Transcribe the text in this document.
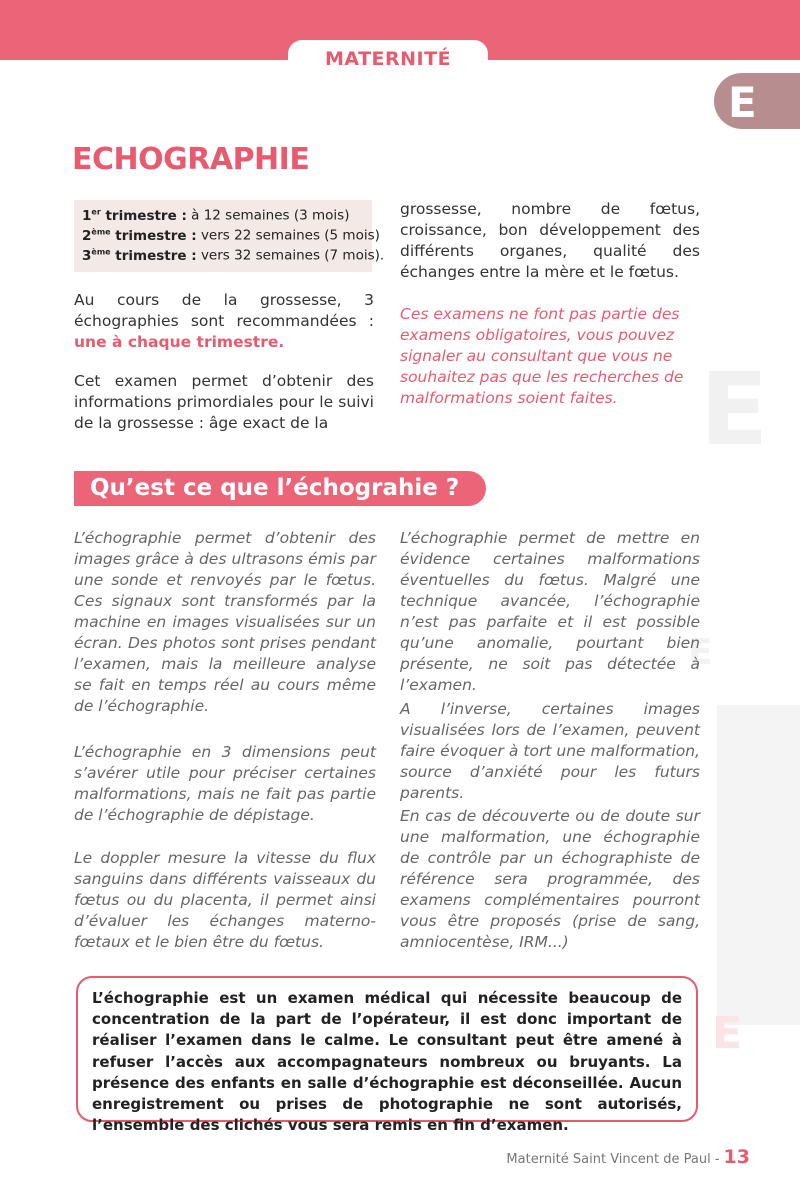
MATERNITÉ
E
E
E
E
ECHOGRAPHIE
1er trimestre : à 12 semaines (3 mois)
2ème trimestre : vers 22 semaines (5 mois)
3ème trimestre : vers 32 semaines (7 mois).
Au cours de la grossesse, 3 échographies sont recommandées : une à chaque trimestre.
Cet examen permet d’obtenir des informations primordiales pour le suivi de la grossesse : âge exact de la
grossesse, nombre de fœtus, croissance, bon développement des différents organes, qualité des échanges entre la mère et le fœtus.
Ces examens ne font pas partie des examens obligatoires, vous pouvez signaler au consultant que vous ne souhaitez pas que les recherches de malformations soient faites.
Qu’est ce que l’échograhie ?
L’échographie permet d’obtenir des images grâce à des ultrasons émis par une sonde et renvoyés par le fœtus. Ces signaux sont transformés par la machine en images visualisées sur un écran. Des photos sont prises pendant l’examen, mais la meilleure analyse se fait en temps réel au cours même de l’échographie.
L’échographie en 3 dimensions peut s’avérer utile pour préciser certaines malformations, mais ne fait pas partie de l’échographie de dépistage.
Le doppler mesure la vitesse du flux sanguins dans différents vaisseaux du fœtus ou du placenta, il permet ainsi d’évaluer les échanges materno-fœtaux et le bien être du fœtus.
L’échographie permet de mettre en évidence certaines malformations éventuelles du fœtus. Malgré une technique avancée, l’échographie n’est pas parfaite et il est possible qu’une anomalie, pourtant bien présente, ne soit pas détectée à l’examen.
A l’inverse, certaines images visualisées lors de l’examen, peuvent faire évoquer à tort une malformation, source d’anxiété pour les futurs parents.
En cas de découverte ou de doute sur une malformation, une échographie de contrôle par un échographiste de référence sera programmée, des examens complémentaires pourront vous être proposés (prise de sang, amniocentèse, IRM...)
L’échographie est un examen médical qui nécessite beaucoup de concentration de la part de l’opérateur, il est donc important de réaliser l’examen dans le calme. Le consultant peut être amené à refuser l’accès aux accompagnateurs nombreux ou bruyants. La présence des enfants en salle d’échographie est déconseillée. Aucun enregistrement ou prises de photographie ne sont autorisés, l’ensemble des clichés vous sera remis en fin d’examen.
Maternité Saint Vincent de Paul - 13
